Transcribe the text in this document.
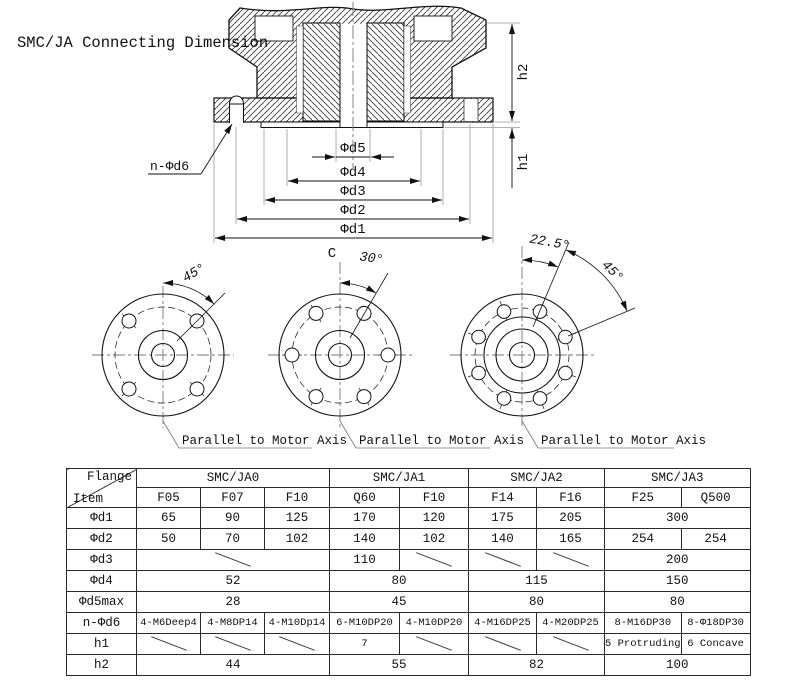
Φd5
Φd4
Φd3
Φd2
Φd1
h2
h1
n-Φd6
SMC/JA Connecting Dimension
45°
Parallel to Motor Axis
C 30°
Parallel to Motor Axis
22.5°
45°
Parallel to Motor Axis
Flange
Item	SMC/JA0			SMC/JA1		SMC/JA2		SMC/JA3	
	F05	F07	F10	Q60	F10	F14	F16	F25	Q500
Φd1	65	90	125	170	120	175	205	300	
Φd2	50	70	102	140	102	140	165	254	254
Φd3				110				200	
Φd4	52			80		115		150	
Φd5max	28			45		80		80	
n-Φd6	4-M6Deep4	4-M8DP14	4-M10Dp14	6-M10DP20	4-M10DP20	4-M16DP25	4-M20DP25	8-M16DP30	8-Φ18DP30
h1				7				5 Protruding	6 Concave
h2	44			55		82		100	
